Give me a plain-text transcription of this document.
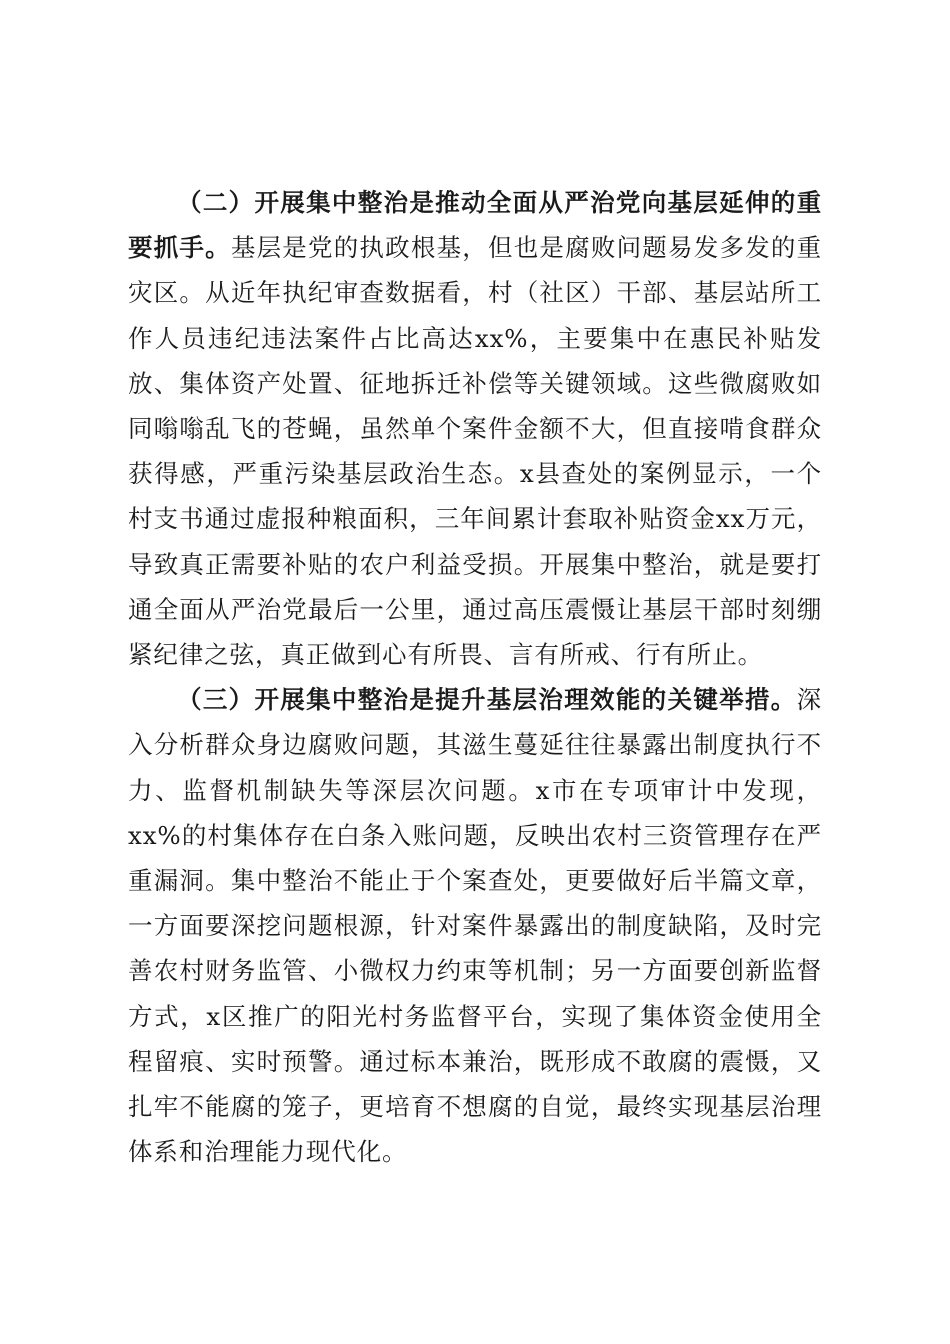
（二）开展集中整治是推动全面从严治党向基层延伸的重要抓手。基层是党的执政根基，但也是腐败问题易发多发的重灾区。从近年执纪审查数据看，村（社区）干部、基层站所工作人员违纪违法案件占比高达xx%，主要集中在惠民补贴发放、集体资产处置、征地拆迁补偿等关键领域。这些微腐败如同嗡嗡乱飞的苍蝇，虽然单个案件金额不大，但直接啃食群众获得感，严重污染基层政治生态。x县查处的案例显示，一个村支书通过虚报种粮面积，三年间累计套取补贴资金xx万元，导致真正需要补贴的农户利益受损。开展集中整治，就是要打通全面从严治党最后一公里，通过高压震慑让基层干部时刻绷紧纪律之弦，真正做到心有所畏、言有所戒、行有所止。

（三）开展集中整治是提升基层治理效能的关键举措。深入分析群众身边腐败问题，其滋生蔓延往往暴露出制度执行不力、监督机制缺失等深层次问题。x市在专项审计中发现，xx%的村集体存在白条入账问题，反映出农村三资管理存在严重漏洞。集中整治不能止于个案查处，更要做好后半篇文章，一方面要深挖问题根源，针对案件暴露出的制度缺陷，及时完善农村财务监管、小微权力约束等机制；另一方面要创新监督方式，x区推广的阳光村务监督平台，实现了集体资金使用全程留痕、实时预警。通过标本兼治，既形成不敢腐的震慑，又扎牢不能腐的笼子，更培育不想腐的自觉，最终实现基层治理体系和治理能力现代化。
